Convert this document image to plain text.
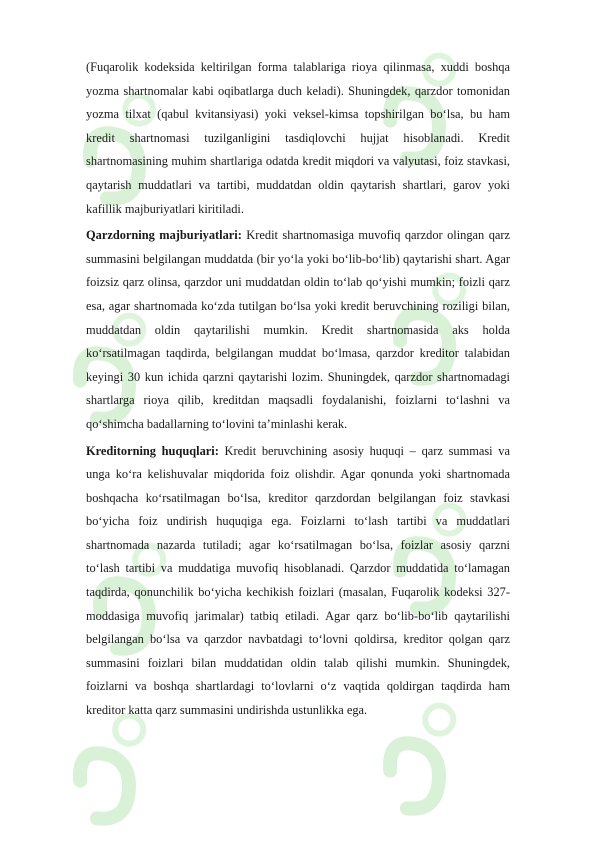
(Fuqarolik kodeksida keltirilgan forma talablariga rioya qilinmasa, xuddi boshqa yozma shartnomalar kabi oqibatlarga duch keladi). Shuningdek, qarzdor tomonidan yozma tilxat (qabul kvitansiyasi) yoki veksel-kimsa topshirilgan bo‘lsa, bu ham kredit shartnomasi tuzilganligini tasdiqlovchi hujjat hisoblanadi. Kredit shartnomasining muhim shartlariga odatda kredit miqdori va valyutasi, foiz stavkasi, qaytarish muddatlari va tartibi, muddatdan oldin qaytarish shartlari, garov yoki kafillik majburiyatlari kiritiladi.

Qarzdorning majburiyatlari: Kredit shartnomasiga muvofiq qarzdor olingan qarz summasini belgilangan muddatda (bir yo‘la yoki bo‘lib-bo‘lib) qaytarishi shart. Agar foizsiz qarz olinsa, qarzdor uni muddatdan oldin to‘lab qo‘yishi mumkin; foizli qarz esa, agar shartnomada ko‘zda tutilgan bo‘lsa yoki kredit beruvchining roziligi bilan, muddatdan oldin qaytarilishi mumkin. Kredit shartnomasida aks holda ko‘rsatilmagan taqdirda, belgilangan muddat bo‘lmasa, qarzdor kreditor talabidan keyingi 30 kun ichida qarzni qaytarishi lozim. Shuningdek, qarzdor shartnomadagi shartlarga rioya qilib, kreditdan maqsadli foydalanishi, foizlarni to‘lashni va qo‘shimcha badallarning to‘lovini ta’minlashi kerak.

Kreditorning huquqlari: Kredit beruvchining asosiy huquqi – qarz summasi va unga ko‘ra kelishuvalar miqdorida foiz olishdir. Agar qonunda yoki shartnomada boshqacha ko‘rsatilmagan bo‘lsa, kreditor qarzdordan belgilangan foiz stavkasi bo‘yicha foiz undirish huquqiga ega. Foizlarni to‘lash tartibi va muddatlari shartnomada nazarda tutiladi; agar ko‘rsatilmagan bo‘lsa, foizlar asosiy qarzni to‘lash tartibi va muddatiga muvofiq hisoblanadi. Qarzdor muddatida to‘lamagan taqdirda, qonunchilik bo‘yicha kechikish foizlari (masalan, Fuqarolik kodeksi 327-moddasiga muvofiq jarimalar) tatbiq etiladi. Agar qarz bo‘lib-bo‘lib qaytarilishi belgilangan bo‘lsa va qarzdor navbatdagi to‘lovni qoldirsa, kreditor qolgan qarz summasini foizlari bilan muddatidan oldin talab qilishi mumkin. Shuningdek, foizlarni va boshqa shartlardagi to‘lovlarni o‘z vaqtida qoldirgan taqdirda ham kreditor katta qarz summasini undirishda ustunlikka ega.
